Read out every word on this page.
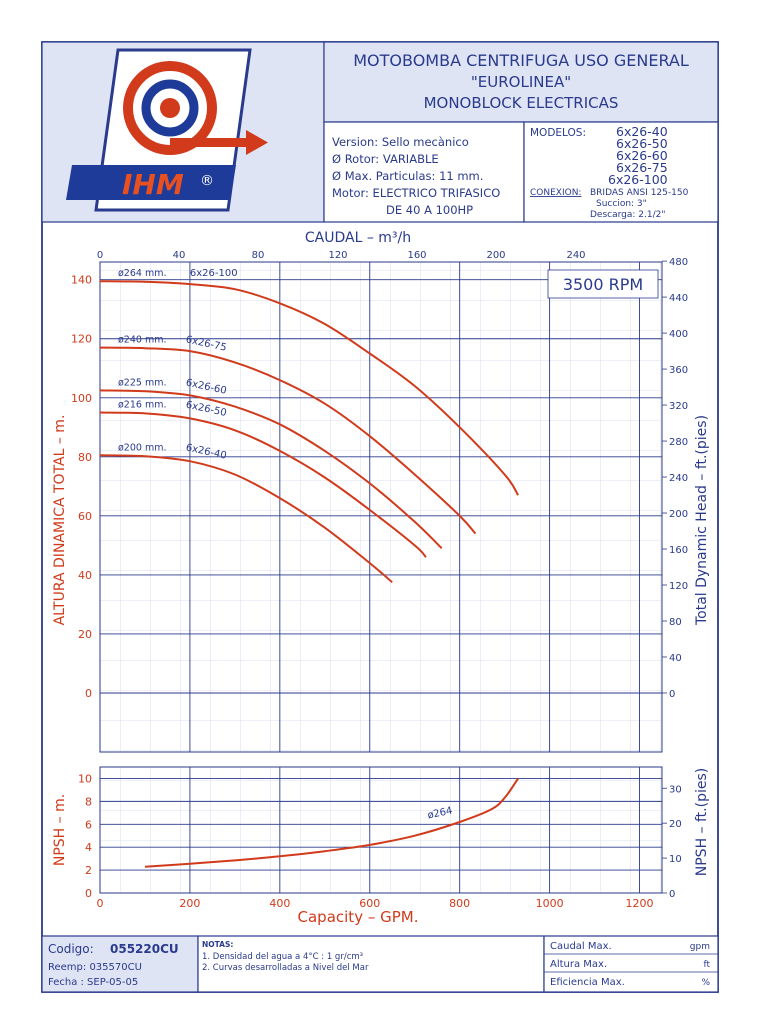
IHM ®
MOTOBOMBA CENTRIFUGA USO GENERAL
"EUROLINEA"
MONOBLOCK ELECTRICAS
Version: Sello mecànico
Ø Rotor: VARIABLE
Ø Max. Particulas: 11 mm.
Motor: ELECTRICO TRIFASICO
DE 40 A 100HP
MODELOS: 6x26-40
6x26-50
6x26-60
6x26-75
6x26-100
CONEXION: BRIDAS ANSI 125-150
Succion: 3"
Descarga: 2.1/2"
CAUDAL – m³/h
0	40	80	120	160	200	240
3500 RPM
0
20
40
60
80
100
120
140
0
40
80
120
160
200
240
280
320
360
400
440
480
ALTURA DINAMICA TOTAL – m.	Total Dynamic Head – ft.(pies)
ø264 mm. 6x26-100
ø240 mm. 6x26-75
ø225 mm. 6x26-60
ø216 mm. 6x26-50
ø200 mm. 6x26-40
0
2
4
6
8
10
0
10
20
30
0	200	400	600	800	1000	1200
NPSH – m.	NPSH – ft.(pies)
Capacity – GPM.
ø264
Codigo: 055220CU
Reemp: 035570CU
Fecha : SEP-05-05
NOTAS:
1. Densidad del agua a 4°C : 1 gr/cm³
2. Curvas desarrolladas a Nivel del Mar
Caudal Max.	gpm
Altura Max.	ft
Eficiencia Max.	%
